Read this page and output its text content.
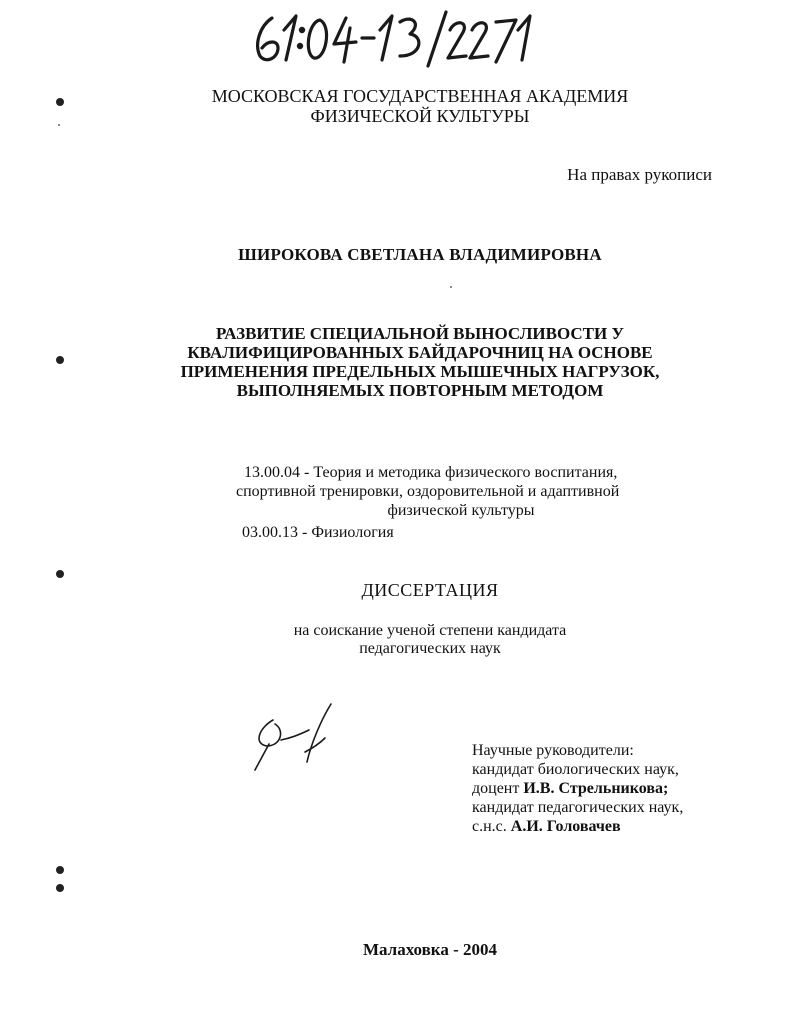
МОСКОВСКАЯ ГОСУДАРСТВЕННАЯ АКАДЕМИЯ
ФИЗИЧЕСКОЙ КУЛЬТУРЫ
На правах рукописи
ШИРОКОВА СВЕТЛАНА ВЛАДИМИРОВНА
РАЗВИТИЕ СПЕЦИАЛЬНОЙ ВЫНОСЛИВОСТИ У
КВАЛИФИЦИРОВАННЫХ БАЙДАРОЧНИЦ НА ОСНОВЕ
ПРИМЕНЕНИЯ ПРЕДЕЛЬНЫХ МЫШЕЧНЫХ НАГРУЗОК,
ВЫПОЛНЯЕМЫХ ПОВТОРНЫМ МЕТОДОМ
13.00.04 - Теория и методика физического воспитания,
спортивной тренировки, оздоровительной и адаптивной
физической культуры
03.00.13 - Физиология
ДИССЕРТАЦИЯ
на соискание ученой степени кандидата
педагогических наук
Научные руководители:
кандидат биологических наук,
доцент И.В. Стрельникова;
кандидат педагогических наук,
с.н.с. А.И. Головачев
Малаховка - 2004
